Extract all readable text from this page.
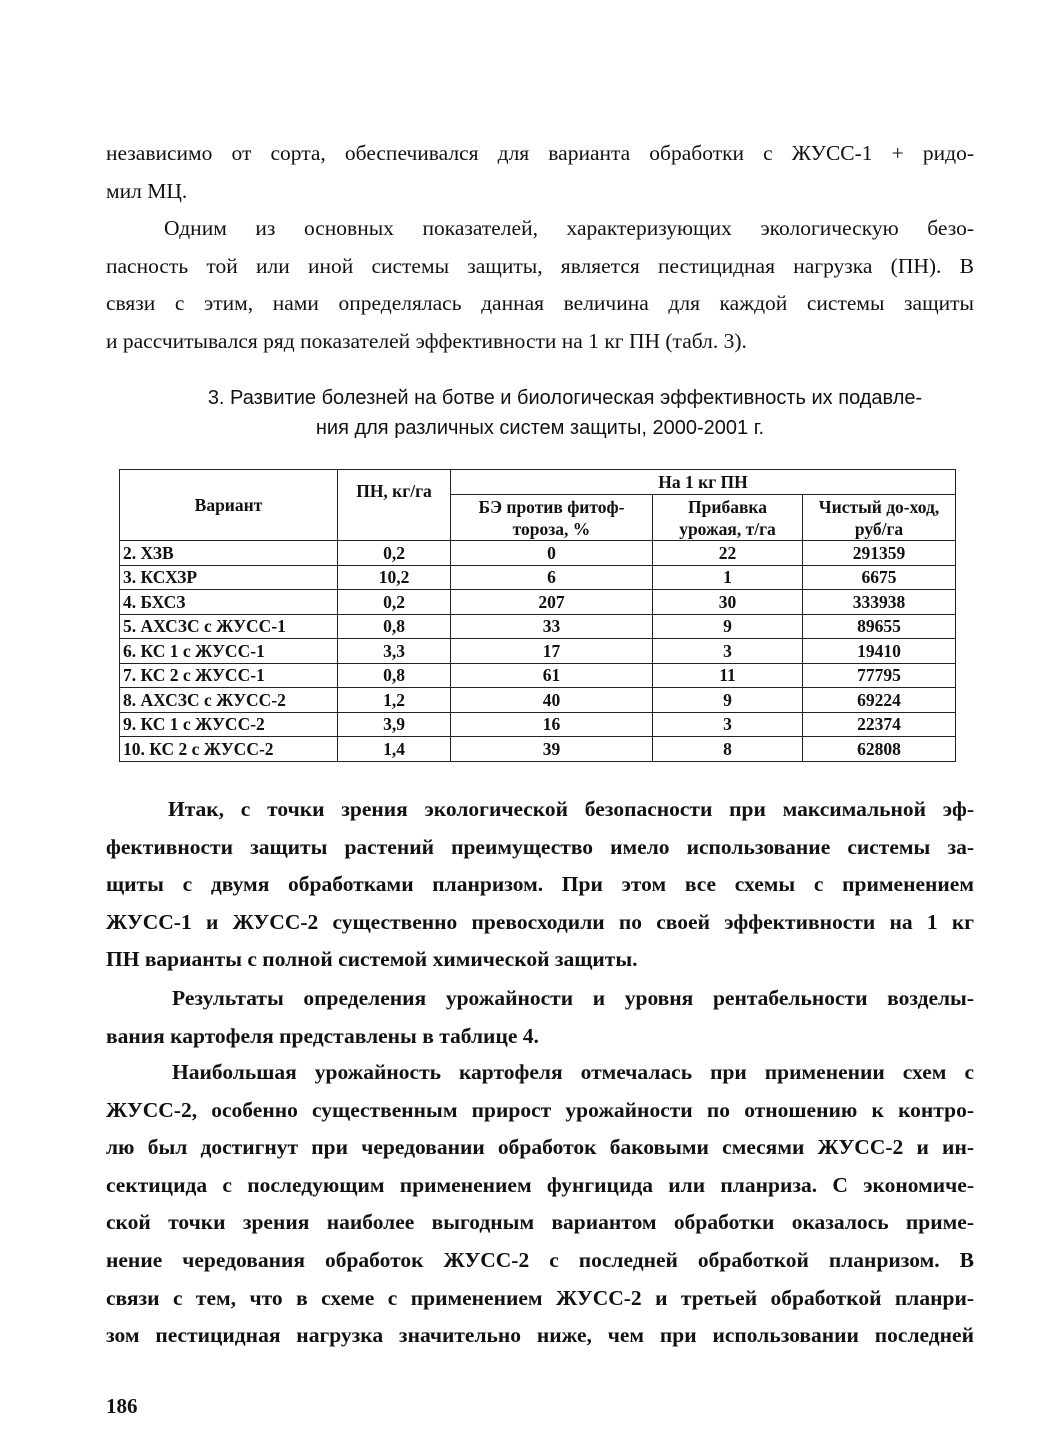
независимо от сорта, обеспечивался для варианта обработки с ЖУСС-1 + ридо-
мил МЦ.

Одним из основных показателей, характеризующих экологическую безо-
пасность той или иной системы защиты, является пестицидная нагрузка (ПН). В
связи с этим, нами определялась данная величина для каждой системы защиты
и рассчитывался ряд показателей эффективности на 1 кг ПН (табл. 3).

3. Развитие болезней на ботве и биологическая эффективность их подавле-
ния для различных систем защиты, 2000-2001 г.
Вариант	ПН, кг/га	На 1 кг ПН		
		БЭ против фитоф-тороза, %	Прибавка урожая, т/га	Чистый до-ход, руб/га
2. ХЗВ	0,2	0	22	291359
3. КСХЗР	10,2	6	1	6675
4. БХСЗ	0,2	207	30	333938
5. АХСЗС с ЖУСС-1	0,8	33	9	89655
6. КС 1 с ЖУСС-1	3,3	17	3	19410
7. КС 2 с ЖУСС-1	0,8	61	11	77795
8. АХСЗС с ЖУСС-2	1,2	40	9	69224
9. КС 1 с ЖУСС-2	3,9	16	3	22374
10. КС 2 с ЖУСС-2	1,4	39	8	62808

Итак, с точки зрения экологической безопасности при максимальной эф-
фективности защиты растений преимущество имело использование системы за-
щиты с двумя обработками планризом. При этом все схемы с применением
ЖУСС-1 и ЖУСС-2 существенно превосходили по своей эффективности на 1 кг
ПН варианты с полной системой химической защиты.

Результаты определения урожайности и уровня рентабельности возделы-
вания картофеля представлены в таблице 4.

Наибольшая урожайность картофеля отмечалась при применении схем с
ЖУСС-2, особенно существенным прирост урожайности по отношению к контро-
лю был достигнут при чередовании обработок баковыми смесями ЖУСС-2 и ин-
сектицида с последующим применением фунгицида или планриза. С экономиче-
ской точки зрения наиболее выгодным вариантом обработки оказалось приме-
нение чередования обработок ЖУСС-2 с последней обработкой планризом. В
связи с тем, что в схеме с применением ЖУСС-2 и третьей обработкой планри-
зом пестицидная нагрузка значительно ниже, чем при использовании последней

186
